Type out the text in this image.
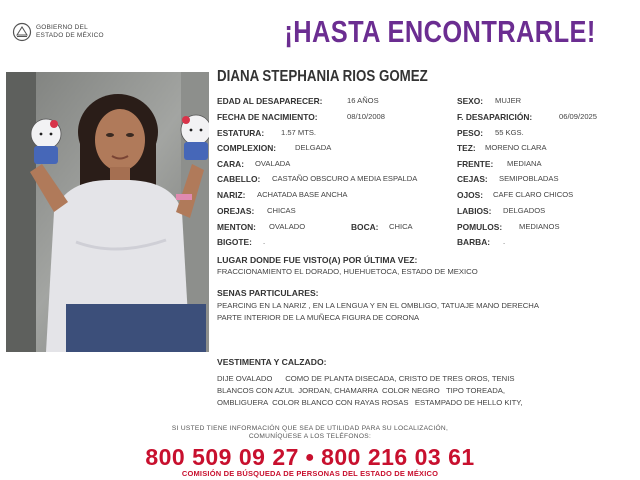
GOBIERNO DEL
ESTADO DE MÉXICO	¡HASTA ENCONTRARLE!
DIANA STEPHANIA RIOS GOMEZ
EDAD AL DESAPARECER:	16 AÑOS
FECHA DE NACIMIENTO:	08/10/2008
ESTATURA: 1.57 MTS.
COMPLEXION: DELGADA
CARA: OVALADA
CABELLO: CASTAÑO OBSCURO A MEDIA ESPALDA
NARIZ: ACHATADA BASE ANCHA
OREJAS: CHICAS
MENTON: OVALADO	BOCA: CHICA
BIGOTE: .
SEXO: MUJER
F. DESAPARICIÓN:	06/09/2025
PESO: 55 KGS.
TEZ: MORENO CLARA
FRENTE: MEDIANA
CEJAS: SEMIPOBLADAS
OJOS: CAFE CLARO CHICOS
LABIOS: DELGADOS
POMULOS: MEDIANOS
BARBA: .
LUGAR DONDE FUE VISTO(A) POR ÚLTIMA VEZ:
FRACCIONAMIENTO EL DORADO, HUEHUETOCA, ESTADO DE MEXICO
SENAS PARTICULARES:
PEARCING EN LA NARIZ , EN LA LENGUA Y EN EL OMBLIGO, TATUAJE MANO DERECHA
PARTE INTERIOR DE LA MUÑECA FIGURA DE CORONA
VESTIMENTA Y CALZADO:
DIJE OVALADO      COMO DE PLANTA DISECADA, CRISTO DE TRES OROS, TENIS
BLANCOS CON AZUL  JORDAN, CHAMARRA  COLOR NEGRO   TIPO TOREADA,
OMBLIGUERA  COLOR BLANCO CON RAYAS ROSAS   ESTAMPADO DE HELLO KITY,
SI USTED TIENE INFORMACIÓN QUE SEA DE UTILIDAD PARA SU LOCALIZACIÓN,
COMUNÍQUESE A LOS TELÉFONOS:
800 509 09 27 ● 800 216 03 61
COMISIÓN DE BÚSQUEDA DE PERSONAS DEL ESTADO DE MÉXICO
